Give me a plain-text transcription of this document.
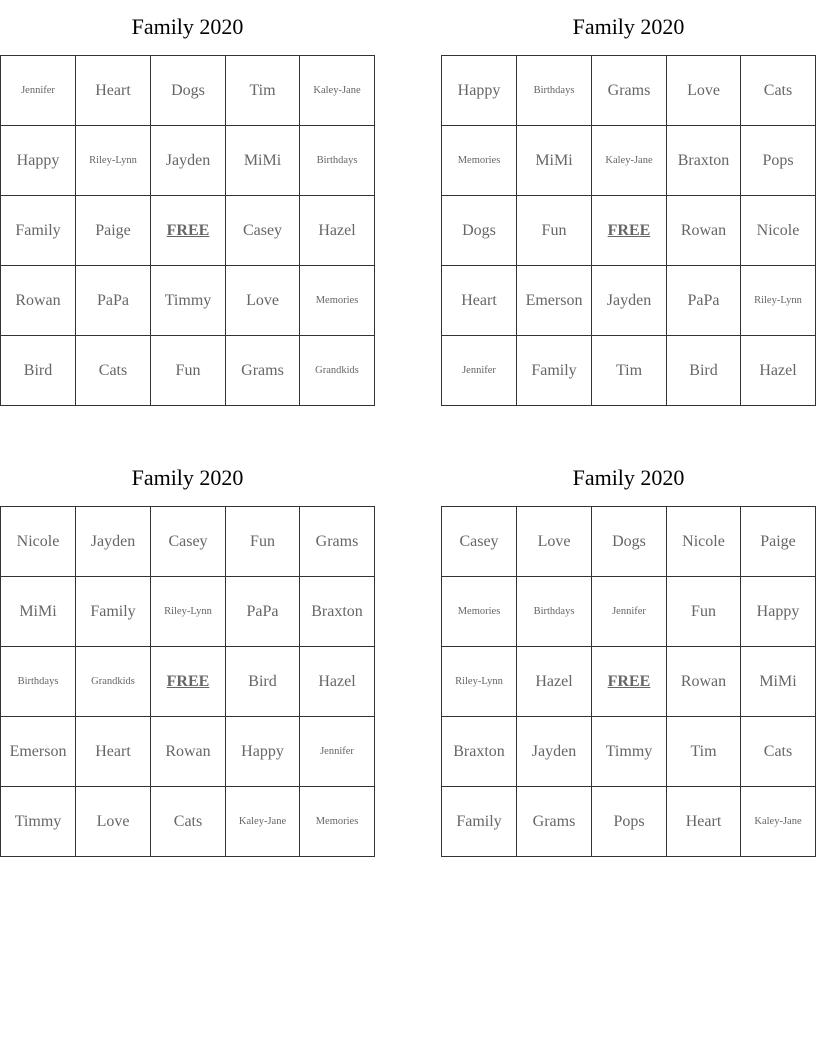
Family 2020
Jennifer	Heart	Dogs	Tim	Kaley-Jane
Happy	Riley-Lynn	Jayden	MiMi	Birthdays
Family	Paige	FREE	Casey	Hazel
Rowan	PaPa	Timmy	Love	Memories
Bird	Cats	Fun	Grams	Grandkids
Family 2020
Happy	Birthdays	Grams	Love	Cats
Memories	MiMi	Kaley-Jane	Braxton	Pops
Dogs	Fun	FREE	Rowan	Nicole
Heart	Emerson	Jayden	PaPa	Riley-Lynn
Jennifer	Family	Tim	Bird	Hazel
Family 2020
Nicole	Jayden	Casey	Fun	Grams
MiMi	Family	Riley-Lynn	PaPa	Braxton
Birthdays	Grandkids	FREE	Bird	Hazel
Emerson	Heart	Rowan	Happy	Jennifer
Timmy	Love	Cats	Kaley-Jane	Memories
Family 2020
Casey	Love	Dogs	Nicole	Paige
Memories	Birthdays	Jennifer	Fun	Happy
Riley-Lynn	Hazel	FREE	Rowan	MiMi
Braxton	Jayden	Timmy	Tim	Cats
Family	Grams	Pops	Heart	Kaley-Jane
